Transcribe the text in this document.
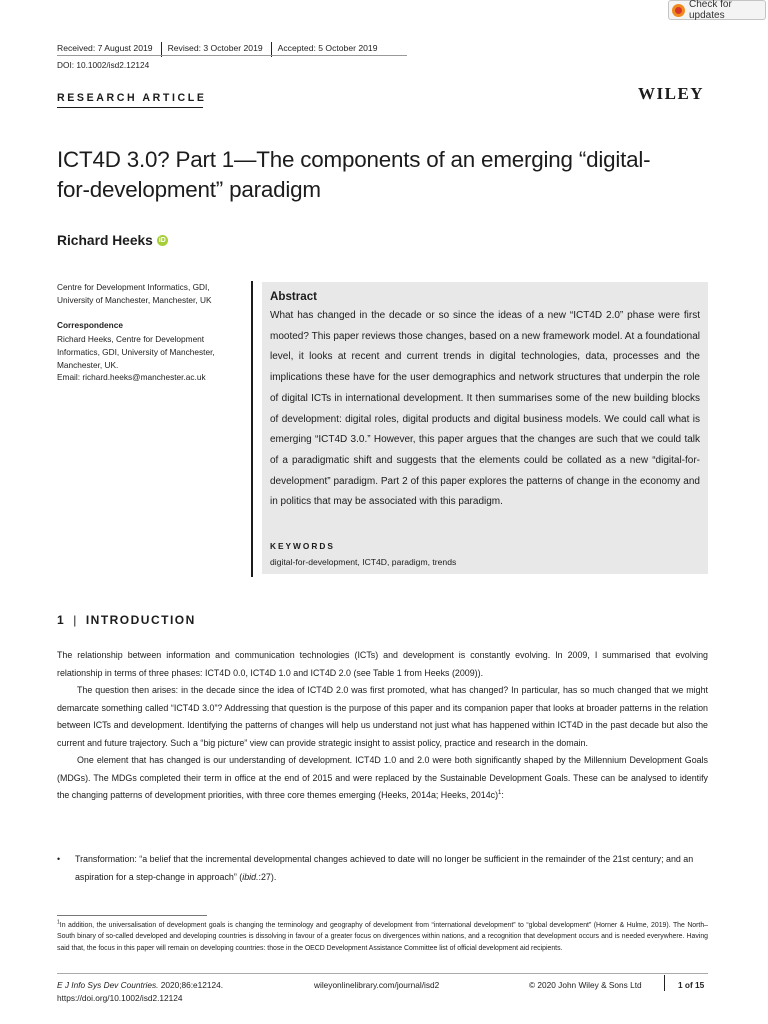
Check for updates
Received: 7 August 2019 Revised: 3 October 2019 Accepted: 5 October 2019
DOI: 10.1002/isd2.12124
RESEARCH ARTICLE	WILEY
ICT4D 3.0? Part 1—The components of an emerging “digital-
for-development” paradigm
Richard Heeks iD
Centre for Development Informatics, GDI,
University of Manchester, Manchester, UK
Correspondence

Richard Heeks, Centre for Development

Informatics, GDI, University of Manchester,

Manchester, UK.

Email: richard.heeks@manchester.ac.uk

Abstract
What has changed in the decade or so since the ideas of a new “ICT4D 2.0” phase were first mooted? This paper reviews those changes, based on a new framework model. At a foundational level, it looks at recent and current trends in digital technologies, data, processes and the implications these have for the user demographics and network structures that underpin the role of digital ICTs in international development. It then summarises some of the new building blocks of development: digital roles, digital products and digital business models. We could call what is emerging “ICT4D 3.0.” However, this paper argues that the changes are such that we could talk of a paradigmatic shift and suggests that the elements could be collated as a new “digital-for-development” paradigm. Part 2 of this paper explores the patterns of change in the economy and in politics that may be associated with this paradigm.
KEYWORDS
digital-for-development, ICT4D, paradigm, trends
1 | INTRODUCTION

The relationship between information and communication technologies (ICTs) and development is constantly evolving. In 2009, I summarised that evolving relationship in terms of three phases: ICT4D 0.0, ICT4D 1.0 and ICT4D 2.0 (see Table 1 from Heeks (2009)).

The question then arises: in the decade since the idea of ICT4D 2.0 was first promoted, what has changed? In particular, has so much changed that we might demarcate something called “ICT4D 3.0”? Addressing that question is the purpose of this paper and its companion paper that looks at broader patterns in the relation between ICTs and development. Identifying the patterns of changes will help us understand not just what has happened within ICT4D in the past decade but also the current and future trajectory. Such a “big picture” view can provide strategic insight to assist policy, practice and research in the domain.

One element that has changed is our understanding of development. ICT4D 1.0 and 2.0 were both significantly shaped by the Millennium Development Goals (MDGs). The MDGs completed their term in office at the end of 2015 and were replaced by the Sustainable Development Goals. These can be analysed to identify the changing patterns of development priorities, with three core themes emerging (Heeks, 2014a; Heeks, 2014c)$^1$:

•	Transformation: “a belief that the incremental developmental changes achieved to date will no longer be sufficient in the remainder of the 21st century; and an aspiration for a step-change in approach” (ibid.:27).
$^1$In addition, the universalisation of development goals is changing the terminology and geography of development from “international development” to “global development” (Horner & Hulme, 2019). The North–South binary of so-called developed and developing countries is dissolving in favour of a greater focus on divergences within nations, and a recognition that development occurs and is needed everywhere. Having said that, the focus in this paper will remain on developing countries: those in the OECD Development Assistance Committee list of official development aid recipients.
E J Info Sys Dev Countries. 2020;86:e12124.
https://doi.org/10.1002/isd2.12124
wileyonlinelibrary.com/journal/isd2	© 2020 John Wiley & Sons Ltd	1 of 15
